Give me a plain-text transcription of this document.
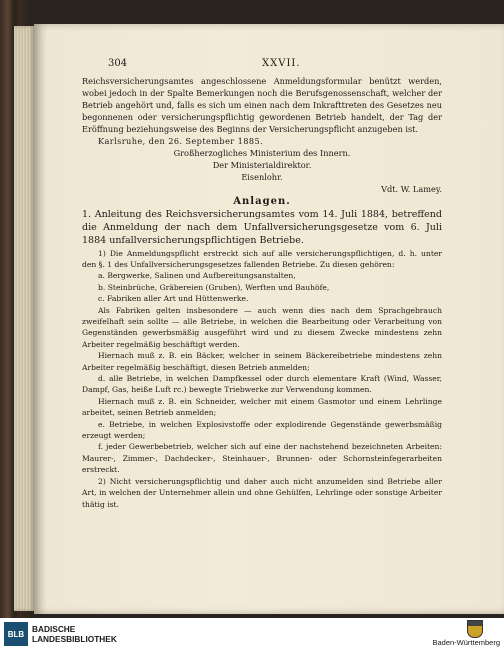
304	XXVII.

Reichsversicherungsamtes angeschlossene Anmeldungsformular benützt werden, wobei jedoch in der Spalte Bemerkungen noch die Berufsgenossenschaft, welcher der Betrieb angehört und, falls es sich um einen nach dem Inkrafttreten des Gesetzes neu begonnenen oder versicherungspflichtig gewordenen Betrieb handelt, der Tag der Eröffnung beziehungsweise des Beginns der Versicherungspflicht anzugeben ist.

Karlsruhe, den 26. September 1885.

Großherzogliches Ministerium des Innern.

Der Ministerialdirektor.

Eisenlohr.

Vdt. W. Lamey.

Anlagen.

1. Anleitung des Reichsversicherungsamtes vom 14. Juli 1884, betreffend die Anmeldung der nach dem Unfallversicherungsgesetze vom 6. Juli 1884 unfallversicherungspflichtigen Betriebe.

1) Die Anmeldungspflicht erstreckt sich auf alle versicherungspflichtigen, d. h. unter den §. 1 des Unfallversicherungsgesetzes fallenden Betriebe. Zu diesen gehören:

a. Bergwerke, Salinen und Aufbereitungsanstalten,

b. Steinbrüche, Gräbereien (Gruben), Werften und Bauhöfe,

c. Fabriken aller Art und Hüttenwerke.

Als Fabriken gelten insbesondere — auch wenn dies nach dem Sprachgebrauch zweifelhaft sein sollte — alle Betriebe, in welchen die Bearbeitung oder Verarbeitung von Gegenständen gewerbsmäßig ausgeführt wird und zu diesem Zwecke mindestens zehn Arbeiter regelmäßig beschäftigt werden.

Hiernach muß z. B. ein Bäcker, welcher in seinem Bäckereibetriebe mindestens zehn Arbeiter regelmäßig beschäftigt, diesen Betrieb anmelden;

d. alle Betriebe, in welchen Dampfkessel oder durch elementare Kraft (Wind, Wasser, Dampf, Gas, heiße Luft rc.) bewegte Triebwerke zur Verwendung kommen.

Hiernach muß z. B. ein Schneider, welcher mit einem Gasmotor und einem Lehrlinge arbeitet, seinen Betrieb anmelden;

e. Betriebe, in welchen Explosivstoffe oder explodirende Gegenstände gewerbsmäßig erzeugt werden;

f. jeder Gewerbebetrieb, welcher sich auf eine der nachstehend bezeichneten Arbeiten: Maurer-, Zimmer-, Dachdecker-, Steinhauer-, Brunnen- oder Schornsteinfegerarbeiten erstreckt.

2) Nicht versicherungspflichtig und daher auch nicht anzumelden sind Betriebe aller Art, in welchen der Unternehmer allein und ohne Gehülfen, Lehrlinge oder sonstige Arbeiter thätig ist.

BLB BADISCHE
LANDESBIBLIOTHEK	Baden-Württemberg
